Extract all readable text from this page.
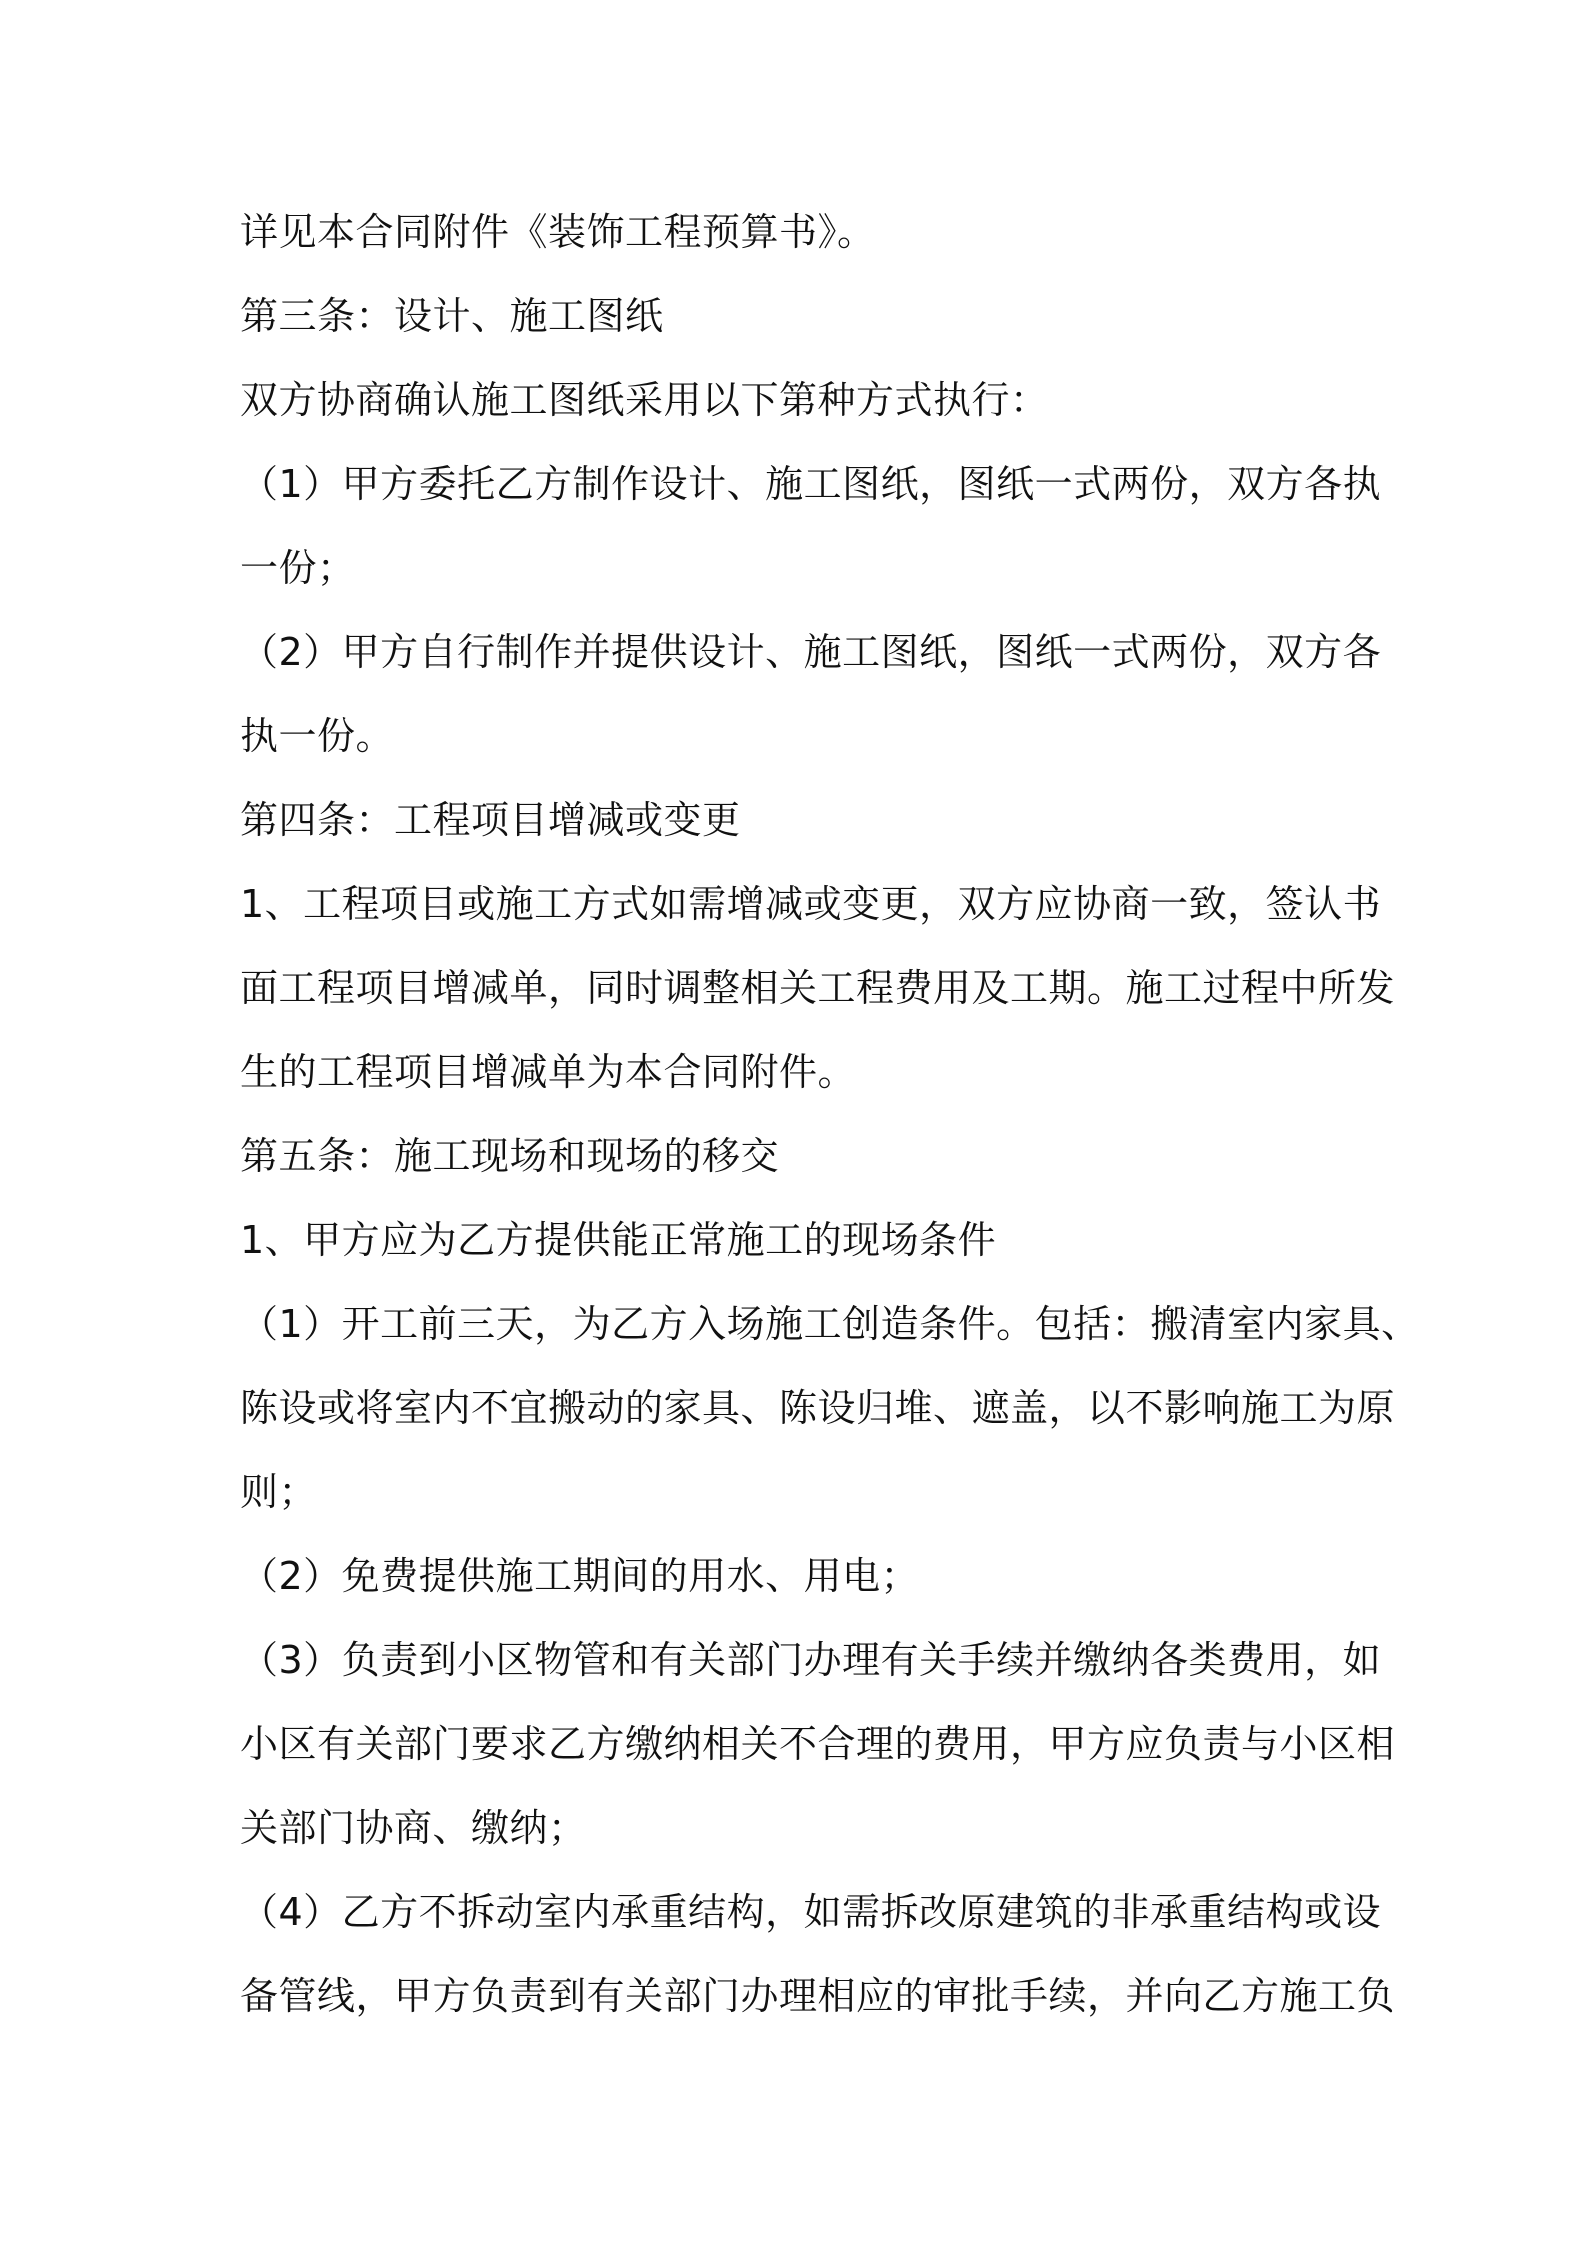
详见本合同附件《装饰工程预算书》。
第三条：设计、施工图纸
双方协商确认施工图纸采用以下第种方式执行：
（1）甲方委托乙方制作设计、施工图纸，图纸一式两份，双方各执
一份；
（2）甲方自行制作并提供设计、施工图纸，图纸一式两份，双方各
执一份。
第四条：工程项目增减或变更
1、工程项目或施工方式如需增减或变更，双方应协商一致，签认书
面工程项目增减单，同时调整相关工程费用及工期。施工过程中所发
生的工程项目增减单为本合同附件。
第五条：施工现场和现场的移交
1、甲方应为乙方提供能正常施工的现场条件
（1）开工前三天，为乙方入场施工创造条件。包括：搬清室内家具、
陈设或将室内不宜搬动的家具、陈设归堆、遮盖，以不影响施工为原
则；
（2）免费提供施工期间的用水、用电；
（3）负责到小区物管和有关部门办理有关手续并缴纳各类费用，如
小区有关部门要求乙方缴纳相关不合理的费用，甲方应负责与小区相
关部门协商、缴纳；
（4）乙方不拆动室内承重结构，如需拆改原建筑的非承重结构或设
备管线，甲方负责到有关部门办理相应的审批手续，并向乙方施工负
